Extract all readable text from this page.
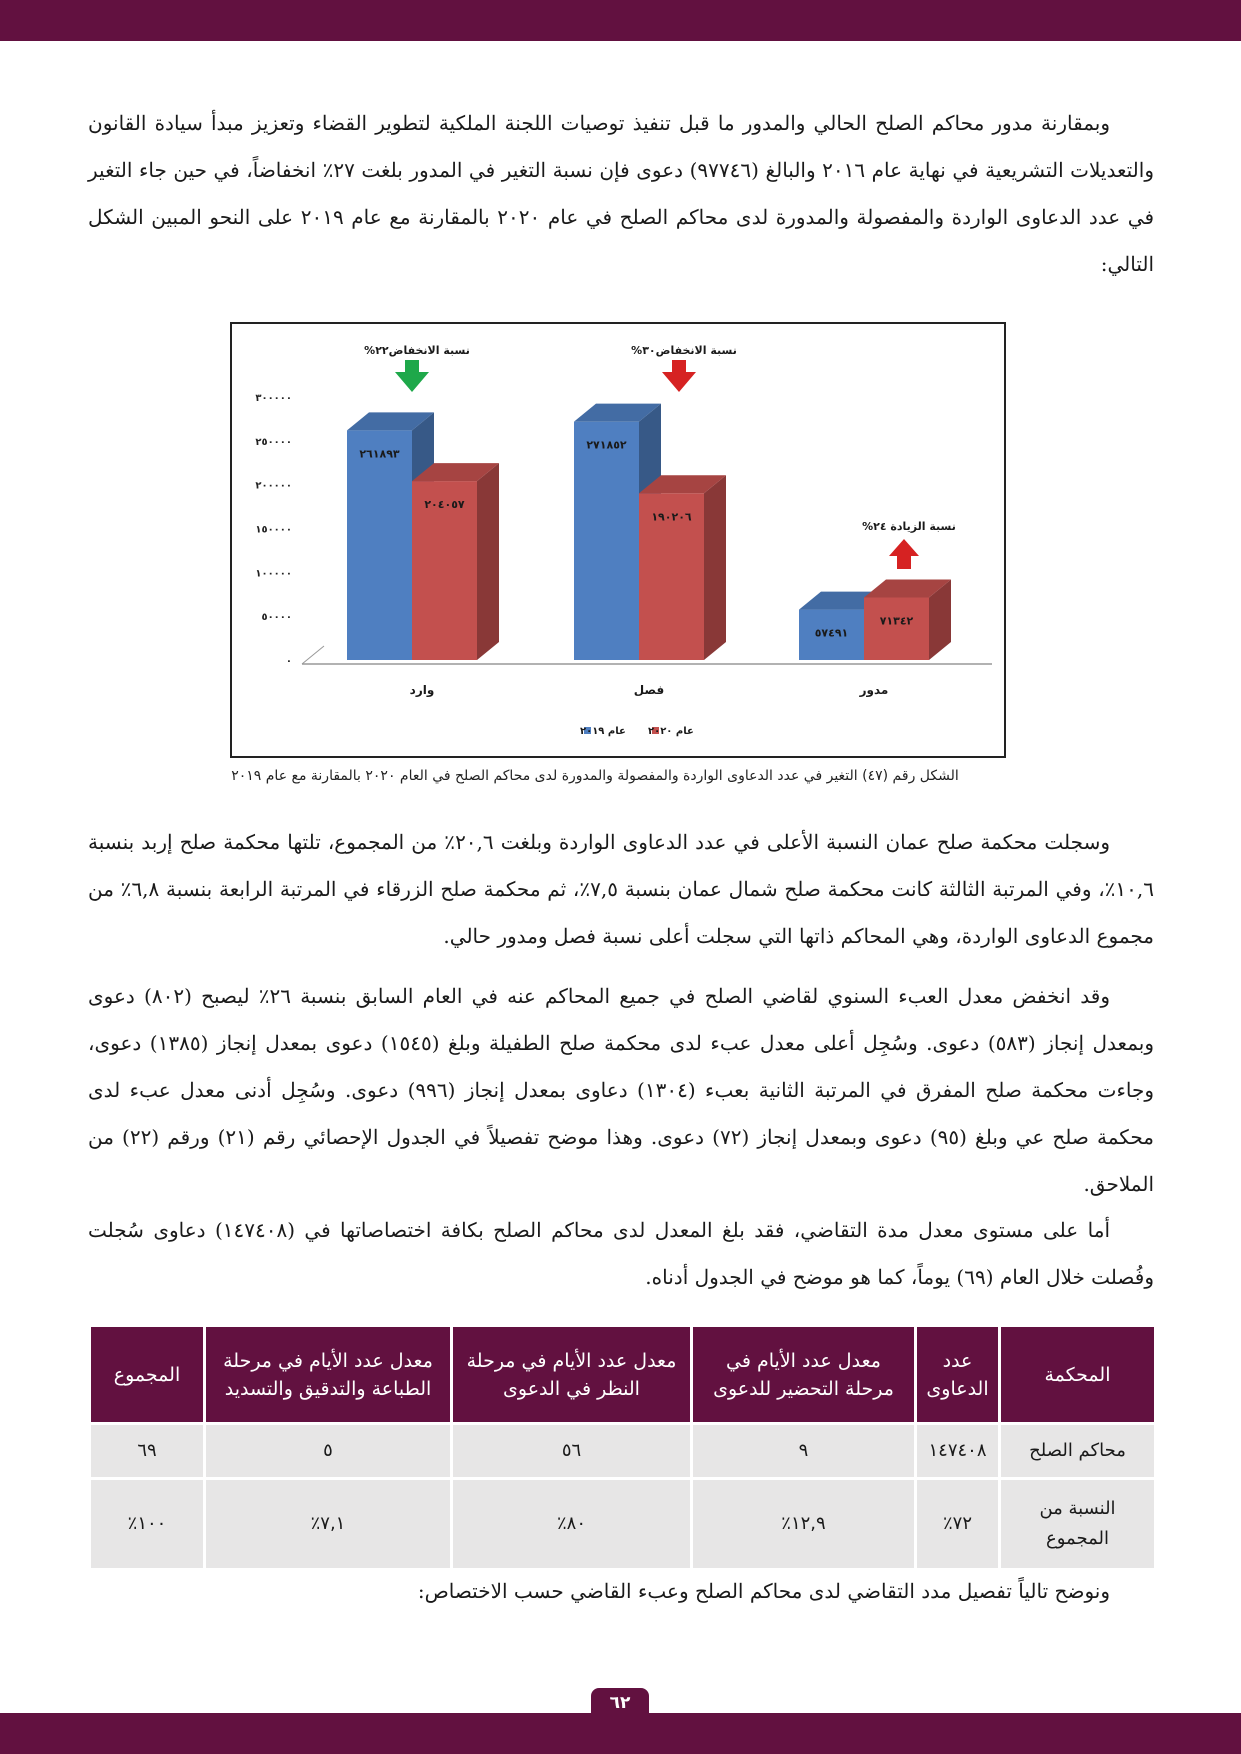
وبمقارنة مدور محاكم الصلح الحالي والمدور ما قبل تنفيذ توصيات اللجنة الملكية لتطوير القضاء وتعزيز مبدأ سيادة القانون والتعديلات التشريعية في نهاية عام ٢٠١٦ والبالغ (٩٧٧٤٦) دعوى فإن نسبة التغير في المدور بلغت ٢٧٪ انخفاضاً، في حين جاء التغير في عدد الدعاوى الواردة والمفصولة والمدورة لدى محاكم الصلح في عام ٢٠٢٠ بالمقارنة مع عام ٢٠١٩ على النحو المبين الشكل التالي:

٠
٥٠٠٠٠
١٠٠٠٠٠
١٥٠٠٠٠
٢٠٠٠٠٠
٢٥٠٠٠٠
٣٠٠٠٠٠
٢٦١٨٩٣
٢٠٤٠٥٧
وارد
٢٧١٨٥٢
١٩٠٢٠٦
فصل
٥٧٤٩١
٧١٣٤٢
مدور
نسبة الانخفاض٢٢%	نسبة الانخفاض٣٠%
نسبة الزيادة ٢٤%
عام ٢٠٢٠
عام ٢٠١٩
الشكل رقم (٤٧) التغير في عدد الدعاوى الواردة والمفصولة والمدورة لدى محاكم الصلح في العام ٢٠٢٠ بالمقارنة مع عام ٢٠١٩

وسجلت محكمة صلح عمان النسبة الأعلى في عدد الدعاوى الواردة وبلغت ٢٠,٦٪ من المجموع، تلتها محكمة صلح إربد بنسبة ١٠,٦٪، وفي المرتبة الثالثة كانت محكمة صلح شمال عمان بنسبة ٧,٥٪، ثم محكمة صلح الزرقاء في المرتبة الرابعة بنسبة ٦,٨٪ من مجموع الدعاوى الواردة، وهي المحاكم ذاتها التي سجلت أعلى نسبة فصل ومدور حالي.

وقد انخفض معدل العبء السنوي لقاضي الصلح في جميع المحاكم عنه في العام السابق بنسبة ٢٦٪ ليصبح (٨٠٢) دعوى وبمعدل إنجاز (٥٨٣) دعوى. وسُجِل أعلى معدل عبء لدى محكمة صلح الطفيلة وبلغ (١٥٤٥) دعوى بمعدل إنجاز (١٣٨٥) دعوى، وجاءت محكمة صلح المفرق في المرتبة الثانية بعبء (١٣٠٤) دعاوى بمعدل إنجاز (٩٩٦) دعوى. وسُجِل أدنى معدل عبء لدى محكمة صلح عي وبلغ (٩٥) دعوى وبمعدل إنجاز (٧٢) دعوى. وهذا موضح تفصيلاً في الجدول الإحصائي رقم (٢١) ورقم (٢٢) من الملاحق.

أما على مستوى معدل مدة التقاضي، فقد بلغ المعدل لدى محاكم الصلح بكافة اختصاصاتها في (١٤٧٤٠٨) دعاوى سُجلت وفُصلت خلال العام (٦٩) يوماً، كما هو موضح في الجدول أدناه.

المحكمة	عدد الدعاوى	معدل عدد الأيام في مرحلة التحضير للدعوى	معدل عدد الأيام في مرحلة النظر في الدعوى	معدل عدد الأيام في مرحلة الطباعة والتدقيق والتسديد	المجموع
محاكم الصلح	١٤٧٤٠٨	٩	٥٦	٥	٦٩
النسبة من المجموع	٧٢٪	١٢,٩٪	٨٠٪	٧,١٪	١٠٠٪

ونوضح تالياً تفصيل مدد التقاضي لدى محاكم الصلح وعبء القاضي حسب الاختصاص:

٦٢
